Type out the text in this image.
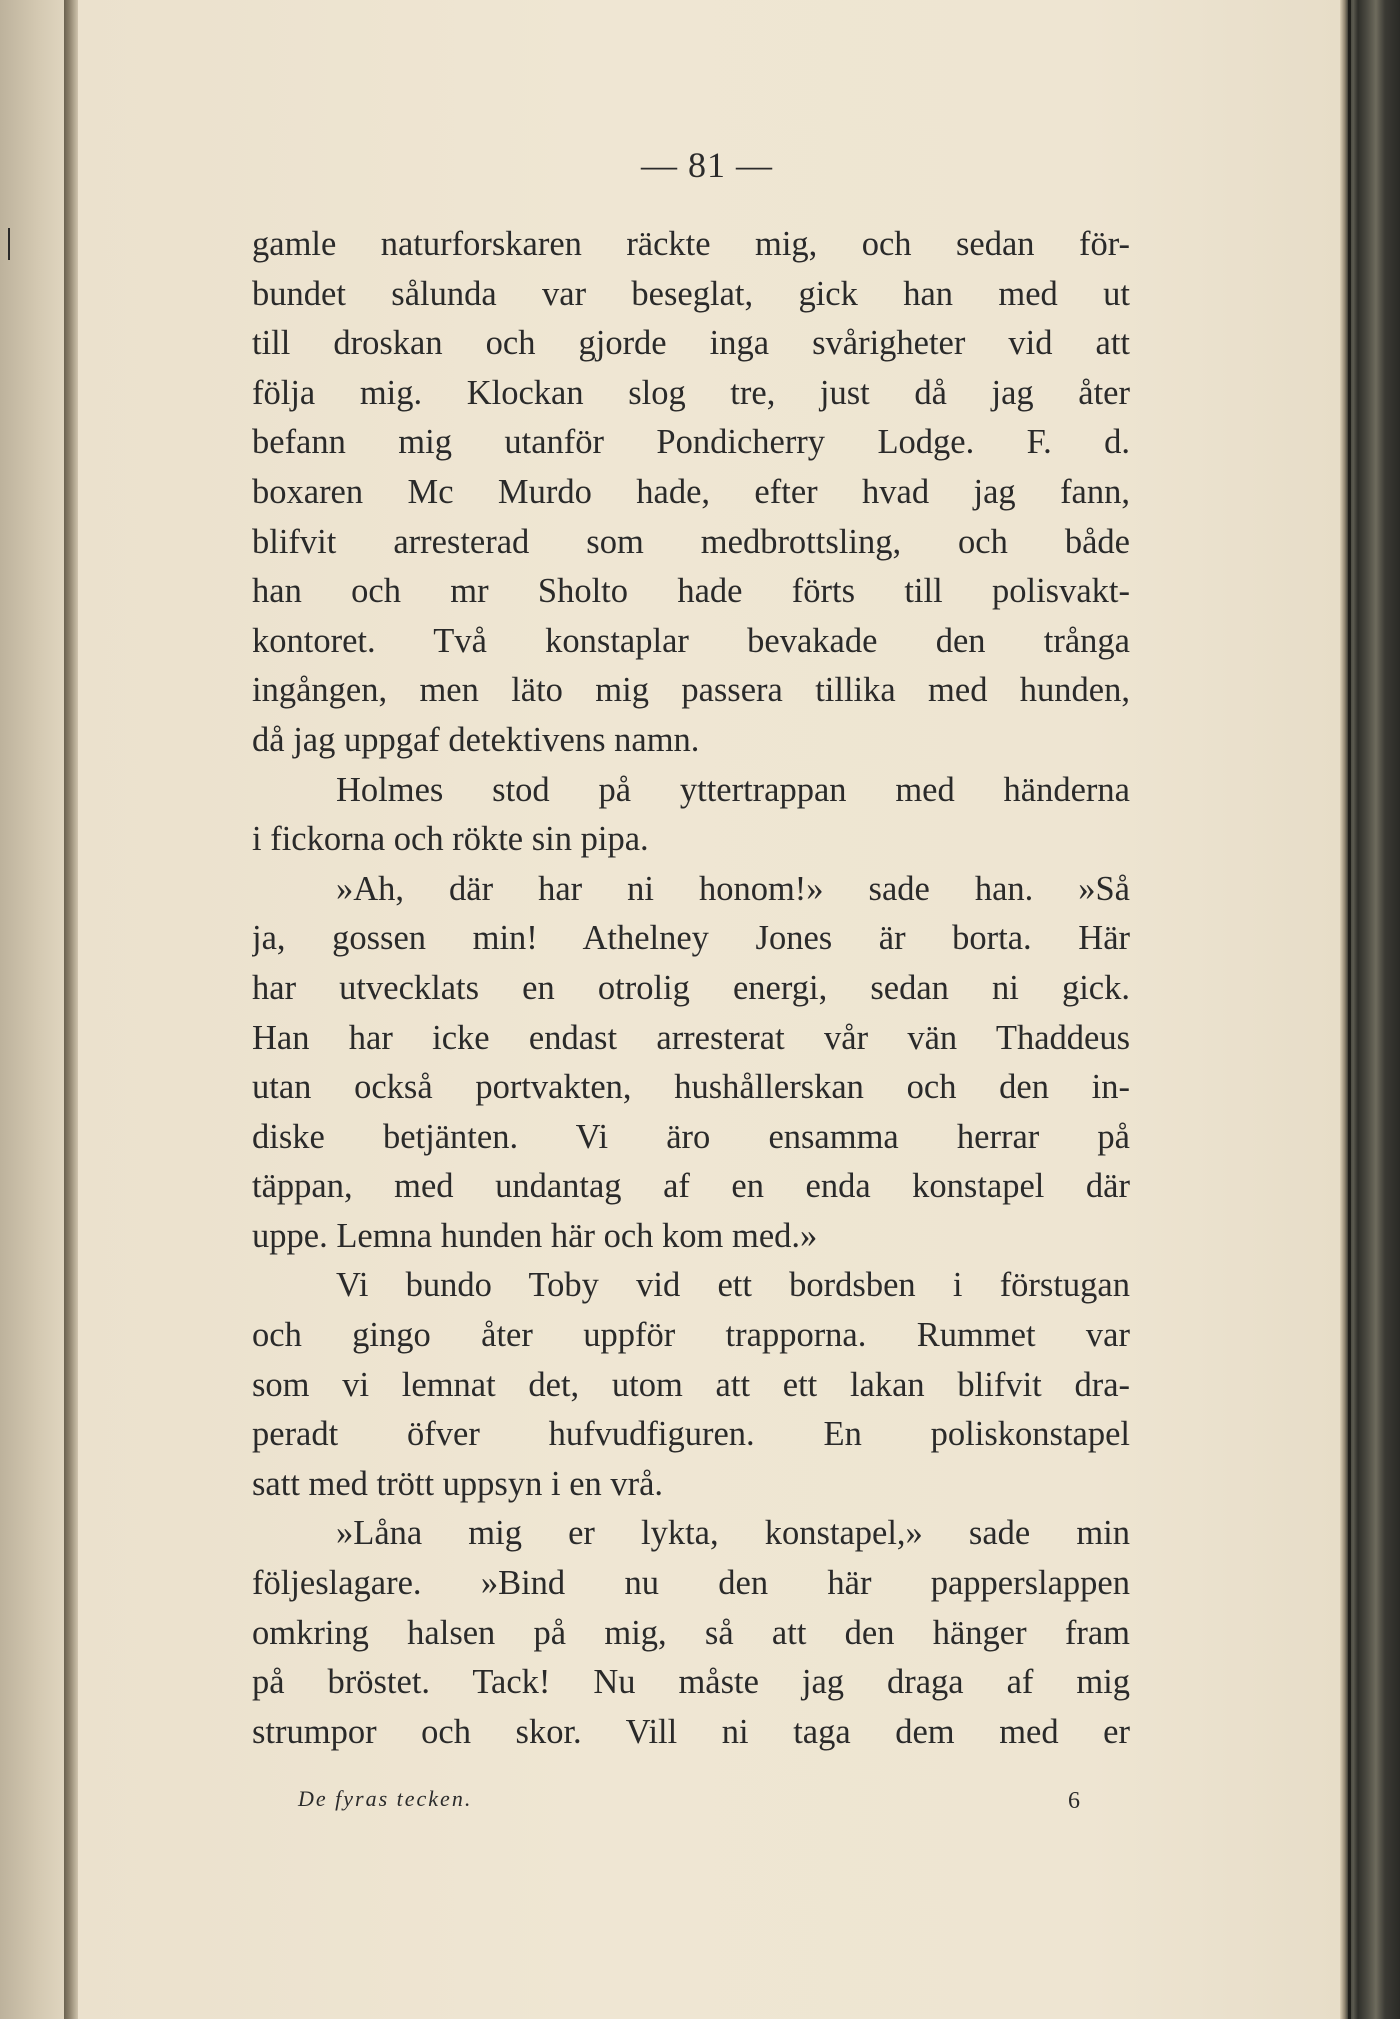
— 81 —
gamle naturforskaren räckte mig, och sedan för-
bundet sålunda var beseglat, gick han med ut
till droskan och gjorde inga svårigheter vid att
följa mig. Klockan slog tre, just då jag åter
befann mig utanför Pondicherry Lodge. F. d.
boxaren Mc Murdo hade, efter hvad jag fann,
blifvit arresterad som medbrottsling, och både
han och mr Sholto hade förts till polisvakt-
kontoret. Två konstaplar bevakade den trånga
ingången, men läto mig passera tillika med hunden,
då jag uppgaf detektivens namn.
Holmes stod på yttertrappan med händerna
i fickorna och rökte sin pipa.
»Ah, där har ni honom!» sade han. »Så
ja, gossen min! Athelney Jones är borta. Här
har utvecklats en otrolig energi, sedan ni gick.
Han har icke endast arresterat vår vän Thaddeus
utan också portvakten, hushållerskan och den in-
diske betjänten. Vi äro ensamma herrar på
täppan, med undantag af en enda konstapel där
uppe. Lemna hunden här och kom med.»
Vi bundo Toby vid ett bordsben i förstugan
och gingo åter uppför trapporna. Rummet var
som vi lemnat det, utom att ett lakan blifvit dra-
peradt öfver hufvudfiguren. En poliskonstapel
satt med trött uppsyn i en vrå.
»Låna mig er lykta, konstapel,» sade min
följeslagare. »Bind nu den här papperslappen
omkring halsen på mig, så att den hänger fram
på bröstet. Tack! Nu måste jag draga af mig
strumpor och skor. Vill ni taga dem med er
De fyras tecken.	6
